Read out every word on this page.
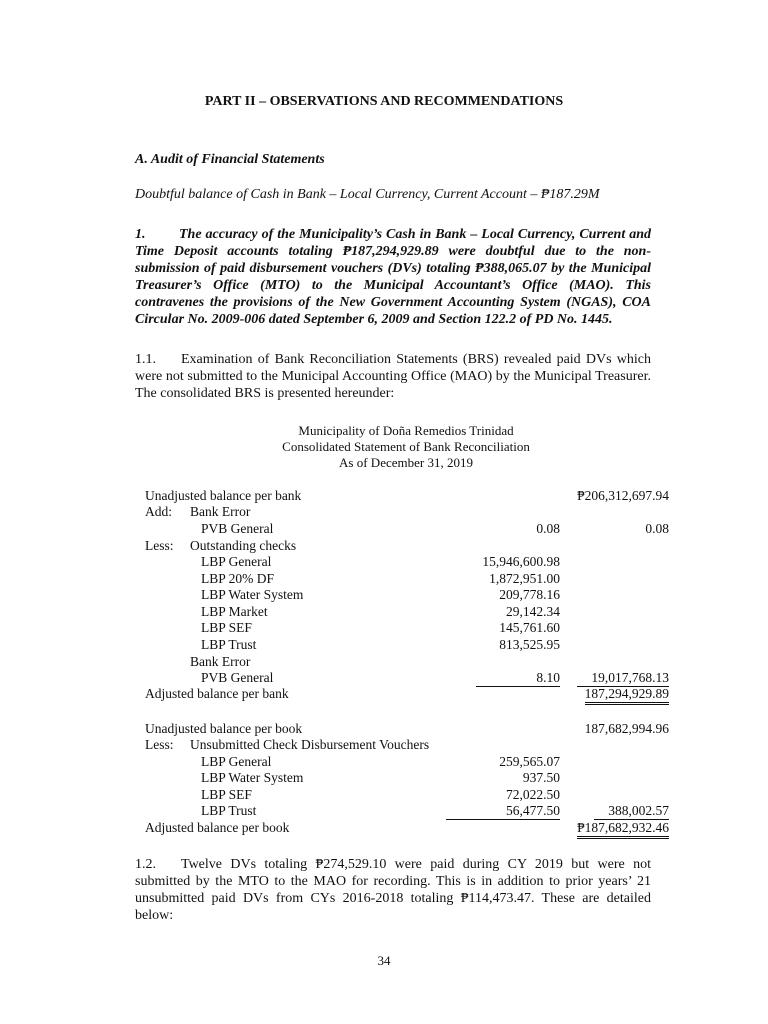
PART II – OBSERVATIONS AND RECOMMENDATIONS
A. Audit of Financial Statements
Doubtful balance of Cash in Bank – Local Currency, Current Account – ₱187.29M
1. The accuracy of the Municipality’s Cash in Bank – Local Currency, Current and Time Deposit accounts totaling ₱187,294,929.89 were doubtful due to the non-submission of paid disbursement vouchers (DVs) totaling ₱388,065.07 by the Municipal Treasurer’s Office (MTO) to the Municipal Accountant’s Office (MAO). This contravenes the provisions of the New Government Accounting System (NGAS), COA Circular No. 2009-006 dated September 6, 2009 and Section 122.2 of PD No. 1445.
1.1. Examination of Bank Reconciliation Statements (BRS) revealed paid DVs which were not submitted to the Municipal Accounting Office (MAO) by the Municipal Treasurer. The consolidated BRS is presented hereunder:
Municipality of Doña Remedios Trinidad
Consolidated Statement of Bank Reconciliation
As of December 31, 2019
Unadjusted balance per bank	₱206,312,697.94
Add: Bank Error
PVB General	0.08	0.08
Less: Outstanding checks
LBP General	15,946,600.98
LBP 20% DF	1,872,951.00
LBP Water System	209,778.16
LBP Market	29,142.34
LBP SEF	145,761.60
LBP Trust	813,525.95
Bank Error
PVB General	8.10	19,017,768.13
Adjusted balance per bank	187,294,929.89
Unadjusted balance per book	187,682,994.96
Less: Unsubmitted Check Disbursement Vouchers
LBP General	259,565.07
LBP Water System	937.50
LBP SEF	72,022.50
LBP Trust	56,477.50	388,002.57
Adjusted balance per book	₱187,682,932.46
1.2. Twelve DVs totaling ₱274,529.10 were paid during CY 2019 but were not submitted by the MTO to the MAO for recording. This is in addition to prior years’ 21 unsubmitted paid DVs from CYs 2016-2018 totaling ₱114,473.47. These are detailed below:
34
